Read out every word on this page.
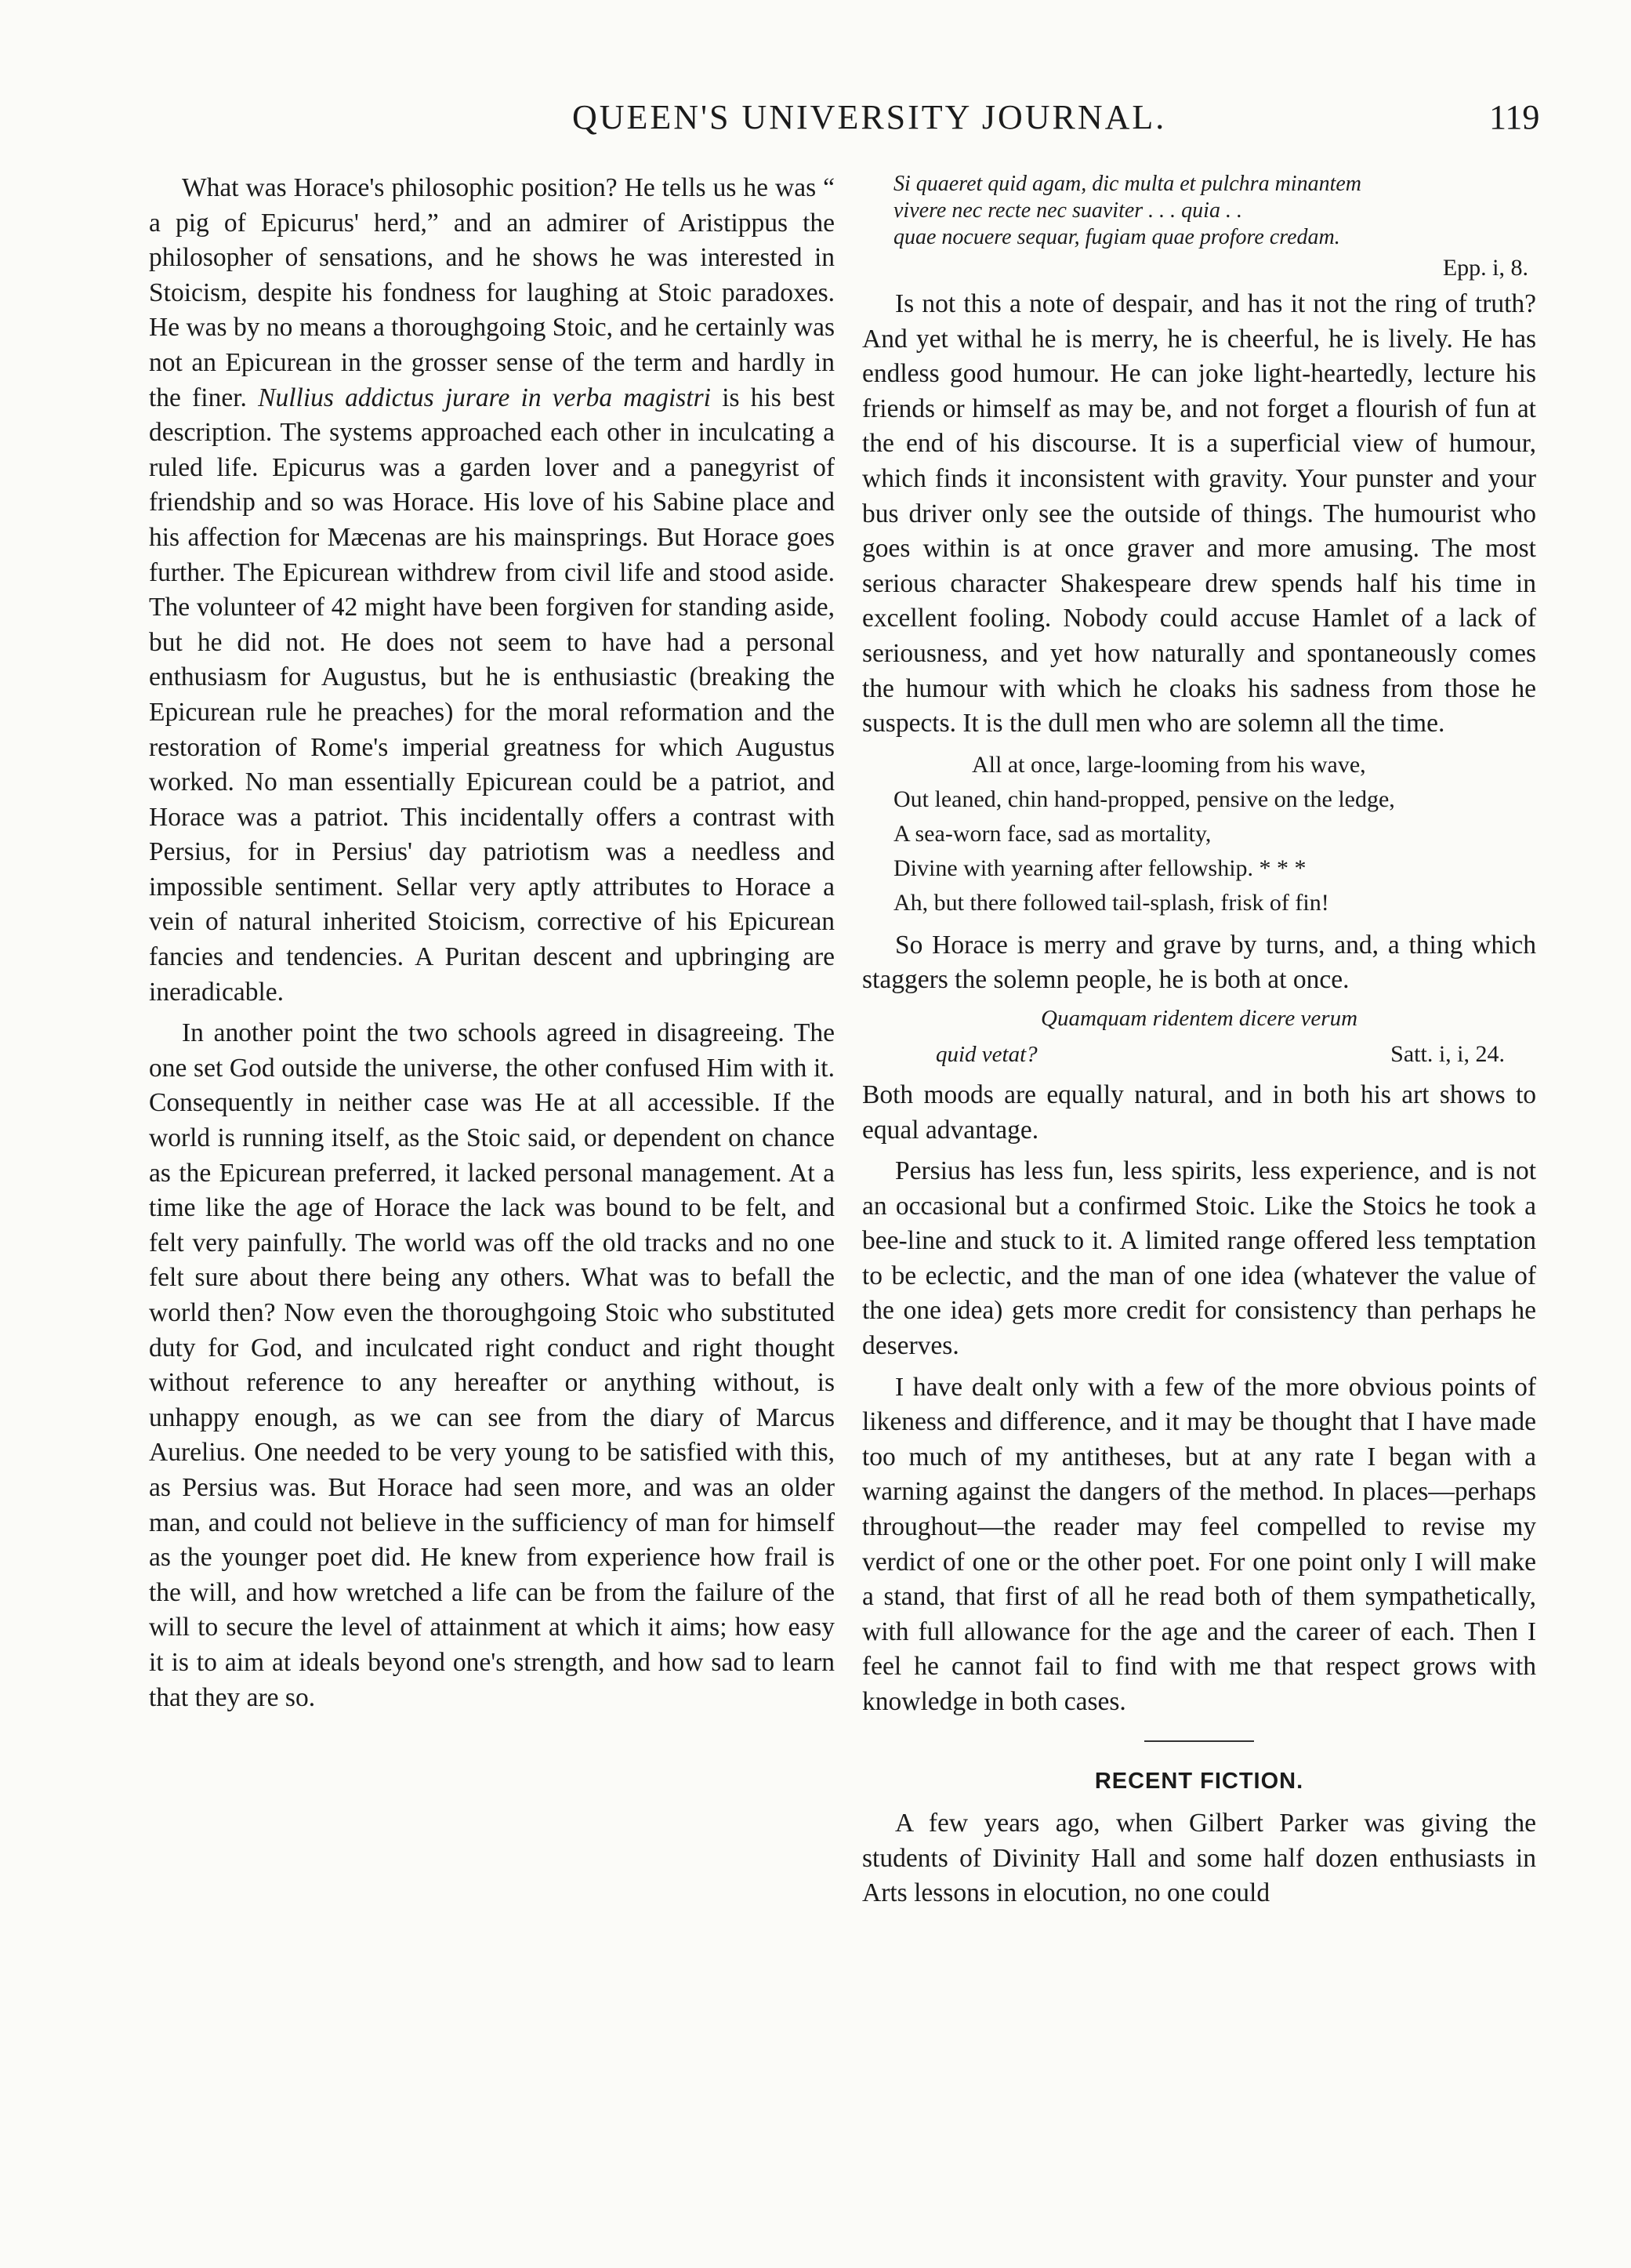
QUEEN'S UNIVERSITY JOURNAL.	119

What was Horace's philosophic position? He tells us he was “ a pig of Epicurus' herd,” and an admirer of Aristippus the philosopher of sensations, and he shows he was interested in Stoicism, despite his fondness for laughing at Stoic paradoxes. He was by no means a thoroughgoing Stoic, and he certainly was not an Epicurean in the grosser sense of the term and hardly in the finer. Nullius addictus jurare in verba magistri is his best description. The systems approached each other in inculcating a ruled life. Epicurus was a garden lover and a panegyrist of friendship and so was Horace. His love of his Sabine place and his affection for Mæcenas are his mainsprings. But Horace goes further. The Epicurean withdrew from civil life and stood aside. The volunteer of 42 might have been forgiven for standing aside, but he did not. He does not seem to have had a personal enthusiasm for Augustus, but he is enthusiastic (breaking the Epicurean rule he preaches) for the moral reformation and the restoration of Rome's imperial greatness for which Augustus worked. No man essentially Epicurean could be a patriot, and Horace was a patriot. This incidentally offers a contrast with Persius, for in Persius' day patriotism was a needless and impossible sentiment. Sellar very aptly attributes to Horace a vein of natural inherited Stoicism, corrective of his Epicurean fancies and tendencies. A Puritan descent and upbringing are ineradicable.

In another point the two schools agreed in disagreeing. The one set God outside the universe, the other confused Him with it. Consequently in neither case was He at all accessible. If the world is running itself, as the Stoic said, or dependent on chance as the Epicurean preferred, it lacked personal management. At a time like the age of Horace the lack was bound to be felt, and felt very painfully. The world was off the old tracks and no one felt sure about there being any others. What was to befall the world then? Now even the thoroughgoing Stoic who substituted duty for God, and inculcated right conduct and right thought without reference to any hereafter or anything without, is unhappy enough, as we can see from the diary of Marcus Aurelius. One needed to be very young to be satisfied with this, as Persius was. But Horace had seen more, and was an older man, and could not believe in the sufficiency of man for himself as the younger poet did. He knew from experience how frail is the will, and how wretched a life can be from the failure of the will to secure the level of attainment at which it aims; how easy it is to aim at ideals beyond one's strength, and how sad to learn that they are so.

Si quaeret quid agam, dic multa et pulchra minantem
vivere nec recte nec suaviter . . . quia . .
quae nocuere sequar, fugiam quae profore credam.
Epp. i, 8.

Is not this a note of despair, and has it not the ring of truth? And yet withal he is merry, he is cheerful, he is lively. He has endless good humour. He can joke light-heartedly, lecture his friends or himself as may be, and not forget a flourish of fun at the end of his discourse. It is a superficial view of humour, which finds it inconsistent with gravity. Your punster and your bus driver only see the outside of things. The humourist who goes within is at once graver and more amusing. The most serious character Shakespeare drew spends half his time in excellent fooling. Nobody could accuse Hamlet of a lack of seriousness, and yet how naturally and spontaneously comes the humour with which he cloaks his sadness from those he suspects. It is the dull men who are solemn all the time.

All at once, large-looming from his wave,
Out leaned, chin hand-propped, pensive on the ledge,
A sea-worn face, sad as mortality,
Divine with yearning after fellowship. * * *
Ah, but there followed tail-splash, frisk of fin!

So Horace is merry and grave by turns, and, a thing which staggers the solemn people, he is both at once.

Quamquam ridentem dicere verum
quid vetat?	Satt. i, i, 24.

Both moods are equally natural, and in both his art shows to equal advantage.

Persius has less fun, less spirits, less experience, and is not an occasional but a confirmed Stoic. Like the Stoics he took a bee-line and stuck to it. A limited range offered less temptation to be eclectic, and the man of one idea (whatever the value of the one idea) gets more credit for consistency than perhaps he deserves.

I have dealt only with a few of the more obvious points of likeness and difference, and it may be thought that I have made too much of my antitheses, but at any rate I began with a warning against the dangers of the method. In places—perhaps throughout—the reader may feel compelled to revise my verdict of one or the other poet. For one point only I will make a stand, that first of all he read both of them sympathetically, with full allowance for the age and the career of each. Then I feel he cannot fail to find with me that respect grows with knowledge in both cases.

RECENT FICTION.

A few years ago, when Gilbert Parker was giving the students of Divinity Hall and some half dozen enthusiasts in Arts lessons in elocution, no one could
